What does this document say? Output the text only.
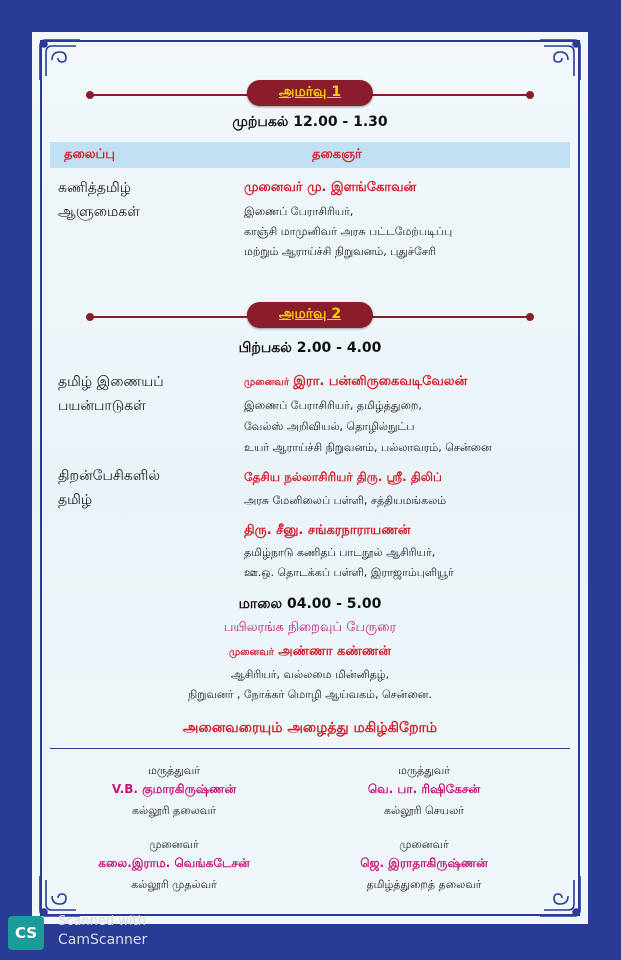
அமர்வு 1
முற்பகல் 12.00 - 1.30
தலைப்பு	தகைஞர்
கணித்தமிழ்
ஆளுமைகள்
முனைவர் மு. இளங்கோவன்
இணைப் பேராசிரியர்,
காஞ்சி மாமுனிவர் அரசு பட்டமேற்படிப்பு
மற்றும் ஆராய்ச்சி நிறுவனம், புதுச்சேரி
அமர்வு 2
பிற்பகல் 2.00 - 4.00
தமிழ் இணையப்
பயன்பாடுகள்
முனைவர் இரா. பன்னிருகைவடிவேலன்
இணைப் பேராசிரியர், தமிழ்த்துறை,
வேல்ஸ் அறிவியல், தொழில்நுட்ப
உயர் ஆராய்ச்சி நிறுவனம், பல்லாவரம், சென்னை
திறன்பேசிகளில்
தமிழ்
தேசிய நல்லாசிரியர் திரு. ஸ்ரீ. திலிப்
அரசு மேனிலைப் பள்ளி, சத்தியமங்கலம்
திரு. சீனு. சங்கரநாராயணன்
தமிழ்நாடு கணிதப் பாடநூல் ஆசிரியர்,
ஊ.ஒ. தொடக்கப் பள்ளி, இராஜாம்புளியூர்
மாலை 04.00 - 5.00
பயிலரங்க நிறைவுப் பேருரை
முனைவர் அண்ணா கண்ணன்
ஆசிரியர், வல்லமை மின்னிதழ்,
நிறுவனர் , நோக்கர் மொழி ஆய்வகம், சென்னை.
அனைவரையும் அழைத்து மகிழ்கிறோம்
மருத்துவர்
V.B. குமாரகிருஷ்ணன்
கல்லூரி தலைவர்
மருத்துவர்
வெ. பா. ரிஷிகேசன்
கல்லூரி செயலர்
முனைவர்
கலை.இராம. வெங்கடேசன்
கல்லூரி முதல்வர்
முனைவர்
ஜெ. இராதாகிருஷ்ணன்
தமிழ்த்துறைத் தலைவர்
CS
Scanned with
CamScanner
